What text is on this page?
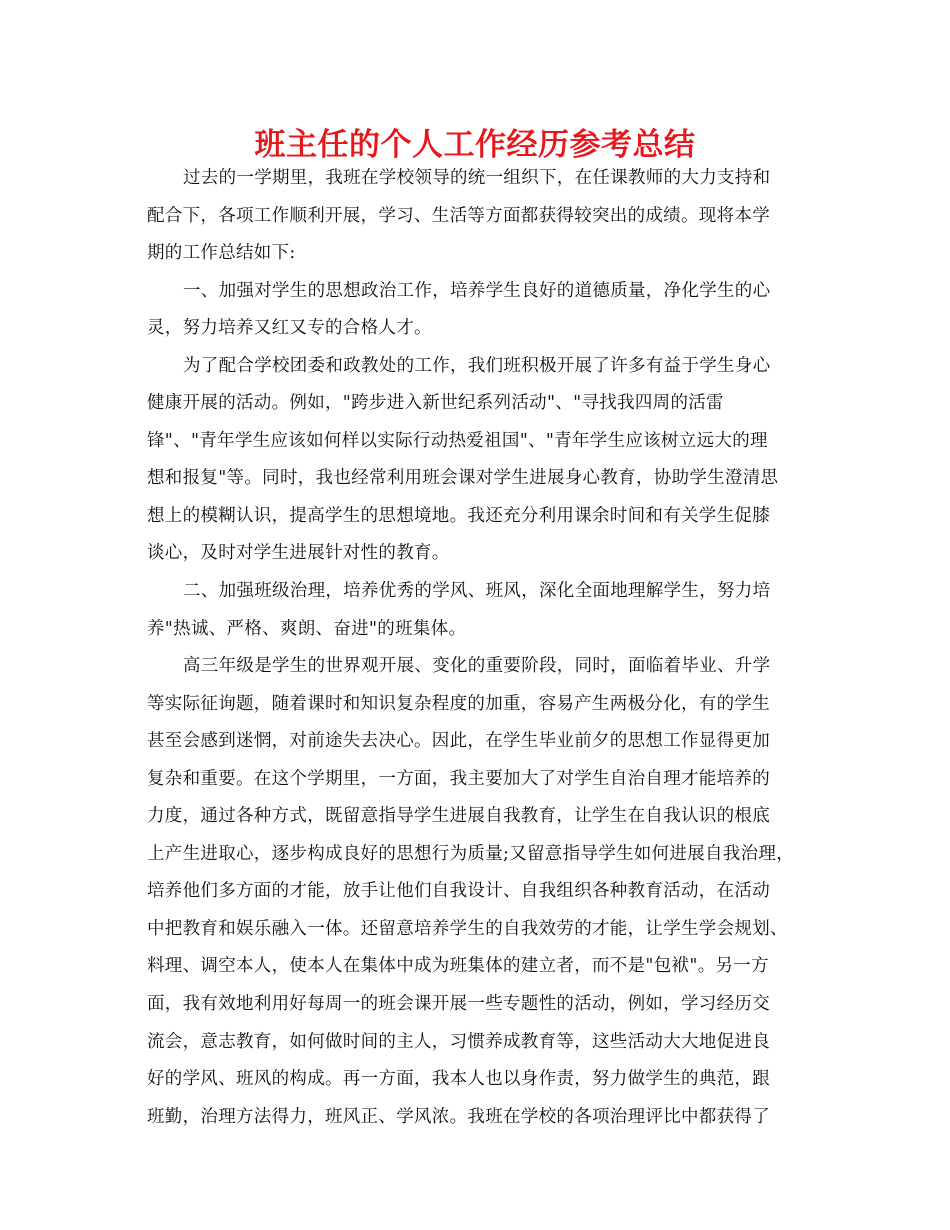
班主任的个人工作经历参考总结
过去的一学期里，我班在学校领导的统一组织下，在任课教师的大力支持和
配合下，各项工作顺利开展，学习、生活等方面都获得较突出的成绩。现将本学
期的工作总结如下:
一、加强对学生的思想政治工作，培养学生良好的道德质量，净化学生的心
灵，努力培养又红又专的合格人才。
为了配合学校团委和政教处的工作，我们班积极开展了许多有益于学生身心
健康开展的活动。例如，"跨步进入新世纪系列活动"、"寻找我四周的活雷
锋"、"青年学生应该如何样以实际行动热爱祖国"、"青年学生应该树立远大的理
想和报复"等。同时，我也经常利用班会课对学生进展身心教育，协助学生澄清思
想上的模糊认识，提高学生的思想境地。我还充分利用课余时间和有关学生促膝
谈心，及时对学生进展针对性的教育。
二、加强班级治理，培养优秀的学风、班风，深化全面地理解学生，努力培
养"热诚、严格、爽朗、奋进"的班集体。
高三年级是学生的世界观开展、变化的重要阶段，同时，面临着毕业、升学
等实际征询题，随着课时和知识复杂程度的加重，容易产生两极分化，有的学生
甚至会感到迷惘，对前途失去决心。因此，在学生毕业前夕的思想工作显得更加
复杂和重要。在这个学期里，一方面，我主要加大了对学生自治自理才能培养的
力度，通过各种方式，既留意指导学生进展自我教育，让学生在自我认识的根底
上产生进取心，逐步构成良好的思想行为质量;又留意指导学生如何进展自我治理，
培养他们多方面的才能，放手让他们自我设计、自我组织各种教育活动，在活动
中把教育和娱乐融入一体。还留意培养学生的自我效劳的才能，让学生学会规划、
料理、调空本人，使本人在集体中成为班集体的建立者，而不是"包袱"。另一方
面，我有效地利用好每周一的班会课开展一些专题性的活动，例如，学习经历交
流会，意志教育，如何做时间的主人，习惯养成教育等，这些活动大大地促进良
好的学风、班风的构成。再一方面，我本人也以身作责，努力做学生的典范，跟
班勤，治理方法得力，班风正、学风浓。我班在学校的各项治理评比中都获得了
